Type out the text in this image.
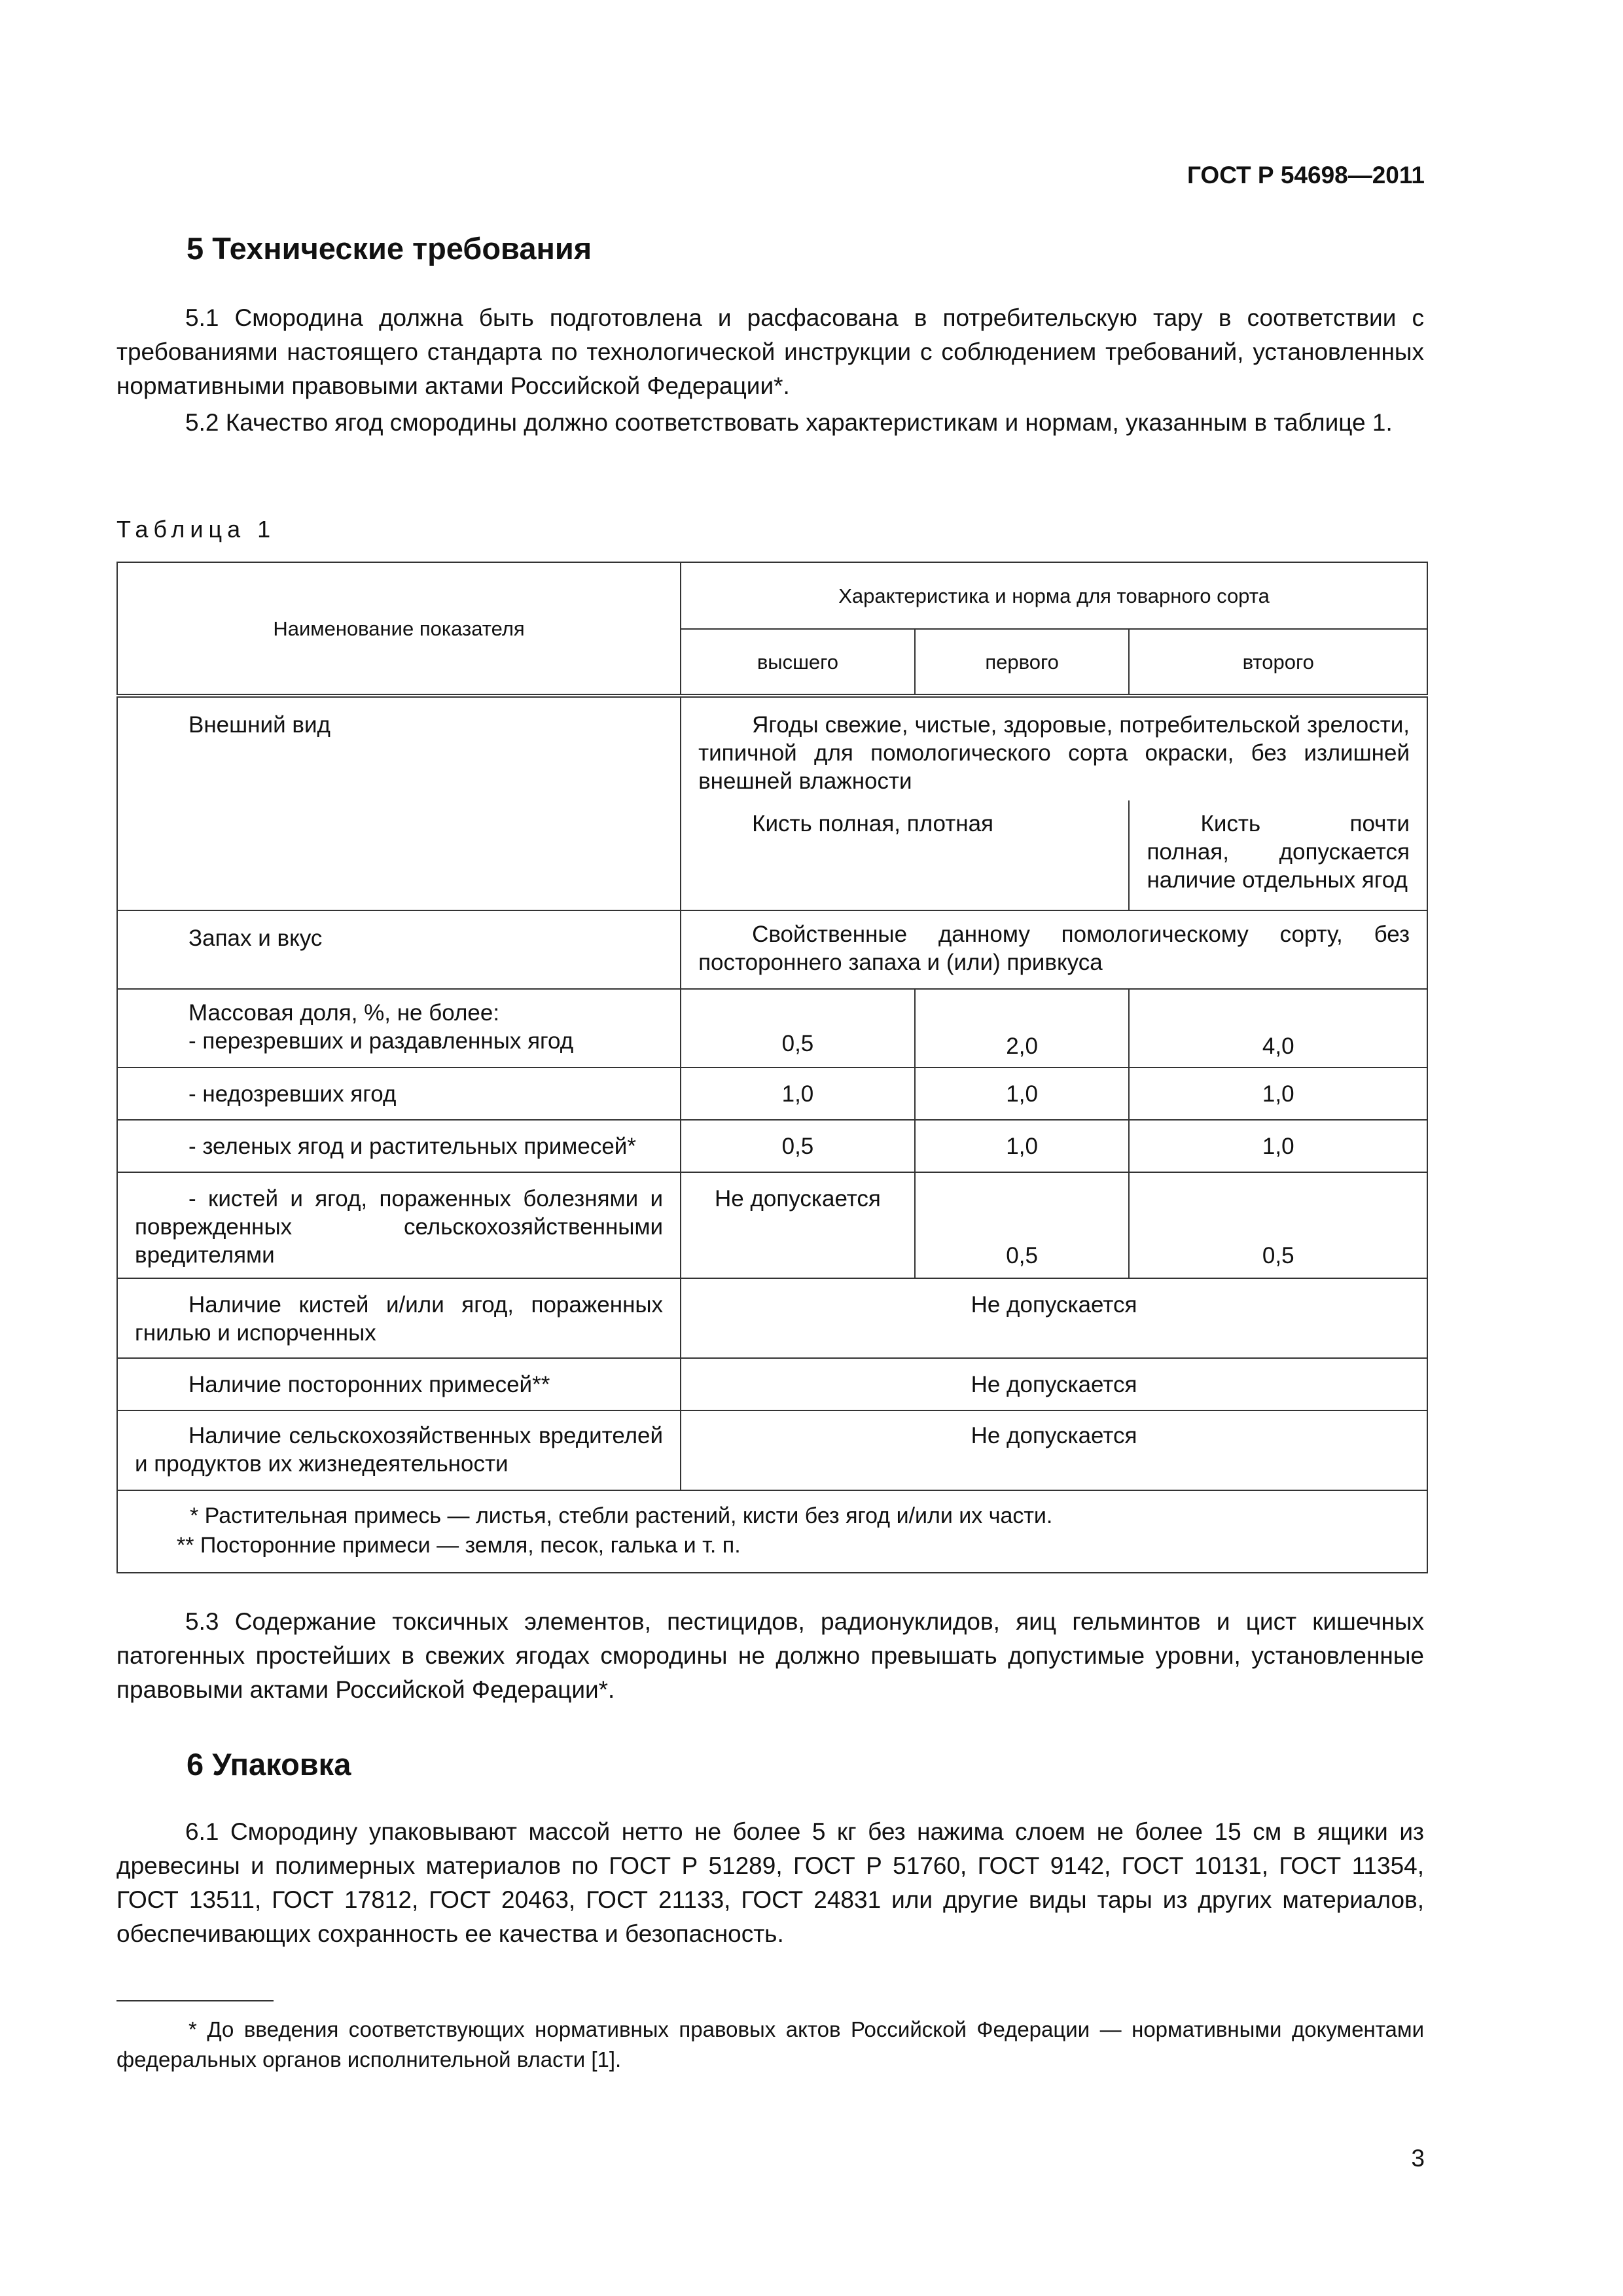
ГОСТ Р 54698—2011
5 Технические требования

5.1 Смородина должна быть подготовлена и расфасована в потребительскую тару в соответствии с требованиями настоящего стандарта по технологической инструкции с соблюдением требований, установленных нормативными правовыми актами Российской Федерации*.

5.2 Качество ягод смородины должно соответствовать характеристикам и нормам, указанным в таблице 1.

Таблица 1
Наименование показателя	Характеристика и норма для товарного сорта		
	высшего	первого	второго
Внешний вид	Ягоды свежие, чистые, здоровые, потребительской зрелости, типичной для помологического сорта окраски, без излишней внешней влажности		
	Кисть полная, плотная		Кисть почти полная, допускается наличие отдельных ягод
Запах и вкус	Свойственные данному помологическому сорту, без постороннего запаха и (или) привкуса		

Массовая доля, %, не более:
- перезревших и раздавленных ягод	0,5	2,0	4,0
- недозревших ягод	1,0	1,0	1,0
- зеленых ягод и растительных примесей*	0,5	1,0	1,0
- кистей и ягод, пораженных болезнями и поврежденных сельскохозяйственными вредителями	Не допускается	0,5	0,5
Наличие кистей и/или ягод, пораженных гнилью и испорченных	Не допускается		
Наличие посторонних примесей**	Не допускается		
Наличие сельскохозяйственных вредителей и продуктов их жизнедеятельности	Не допускается		

* Растительная примесь — листья, стебли растений, кисти без ягод и/или их части.
** Посторонние примеси — земля, песок, галька и т. п.			

5.3 Содержание токсичных элементов, пестицидов, радионуклидов, яиц гельминтов и цист кишечных патогенных простейших в свежих ягодах смородины не должно превышать допустимые уровни, установленные правовыми актами Российской Федерации*.

6 Упаковка

6.1 Смородину упаковывают массой нетто не более 5 кг без нажима слоем не более 15 см в ящики из древесины и полимерных материалов по ГОСТ Р 51289, ГОСТ Р 51760, ГОСТ 9142, ГОСТ 10131, ГОСТ 11354, ГОСТ 13511, ГОСТ 17812, ГОСТ 20463, ГОСТ 21133, ГОСТ 24831 или другие виды тары из других материалов, обеспечивающих сохранность ее качества и безопасность.

* До введения соответствующих нормативных правовых актов Российской Федерации — нормативными документами федеральных органов исполнительной власти [1].

3
